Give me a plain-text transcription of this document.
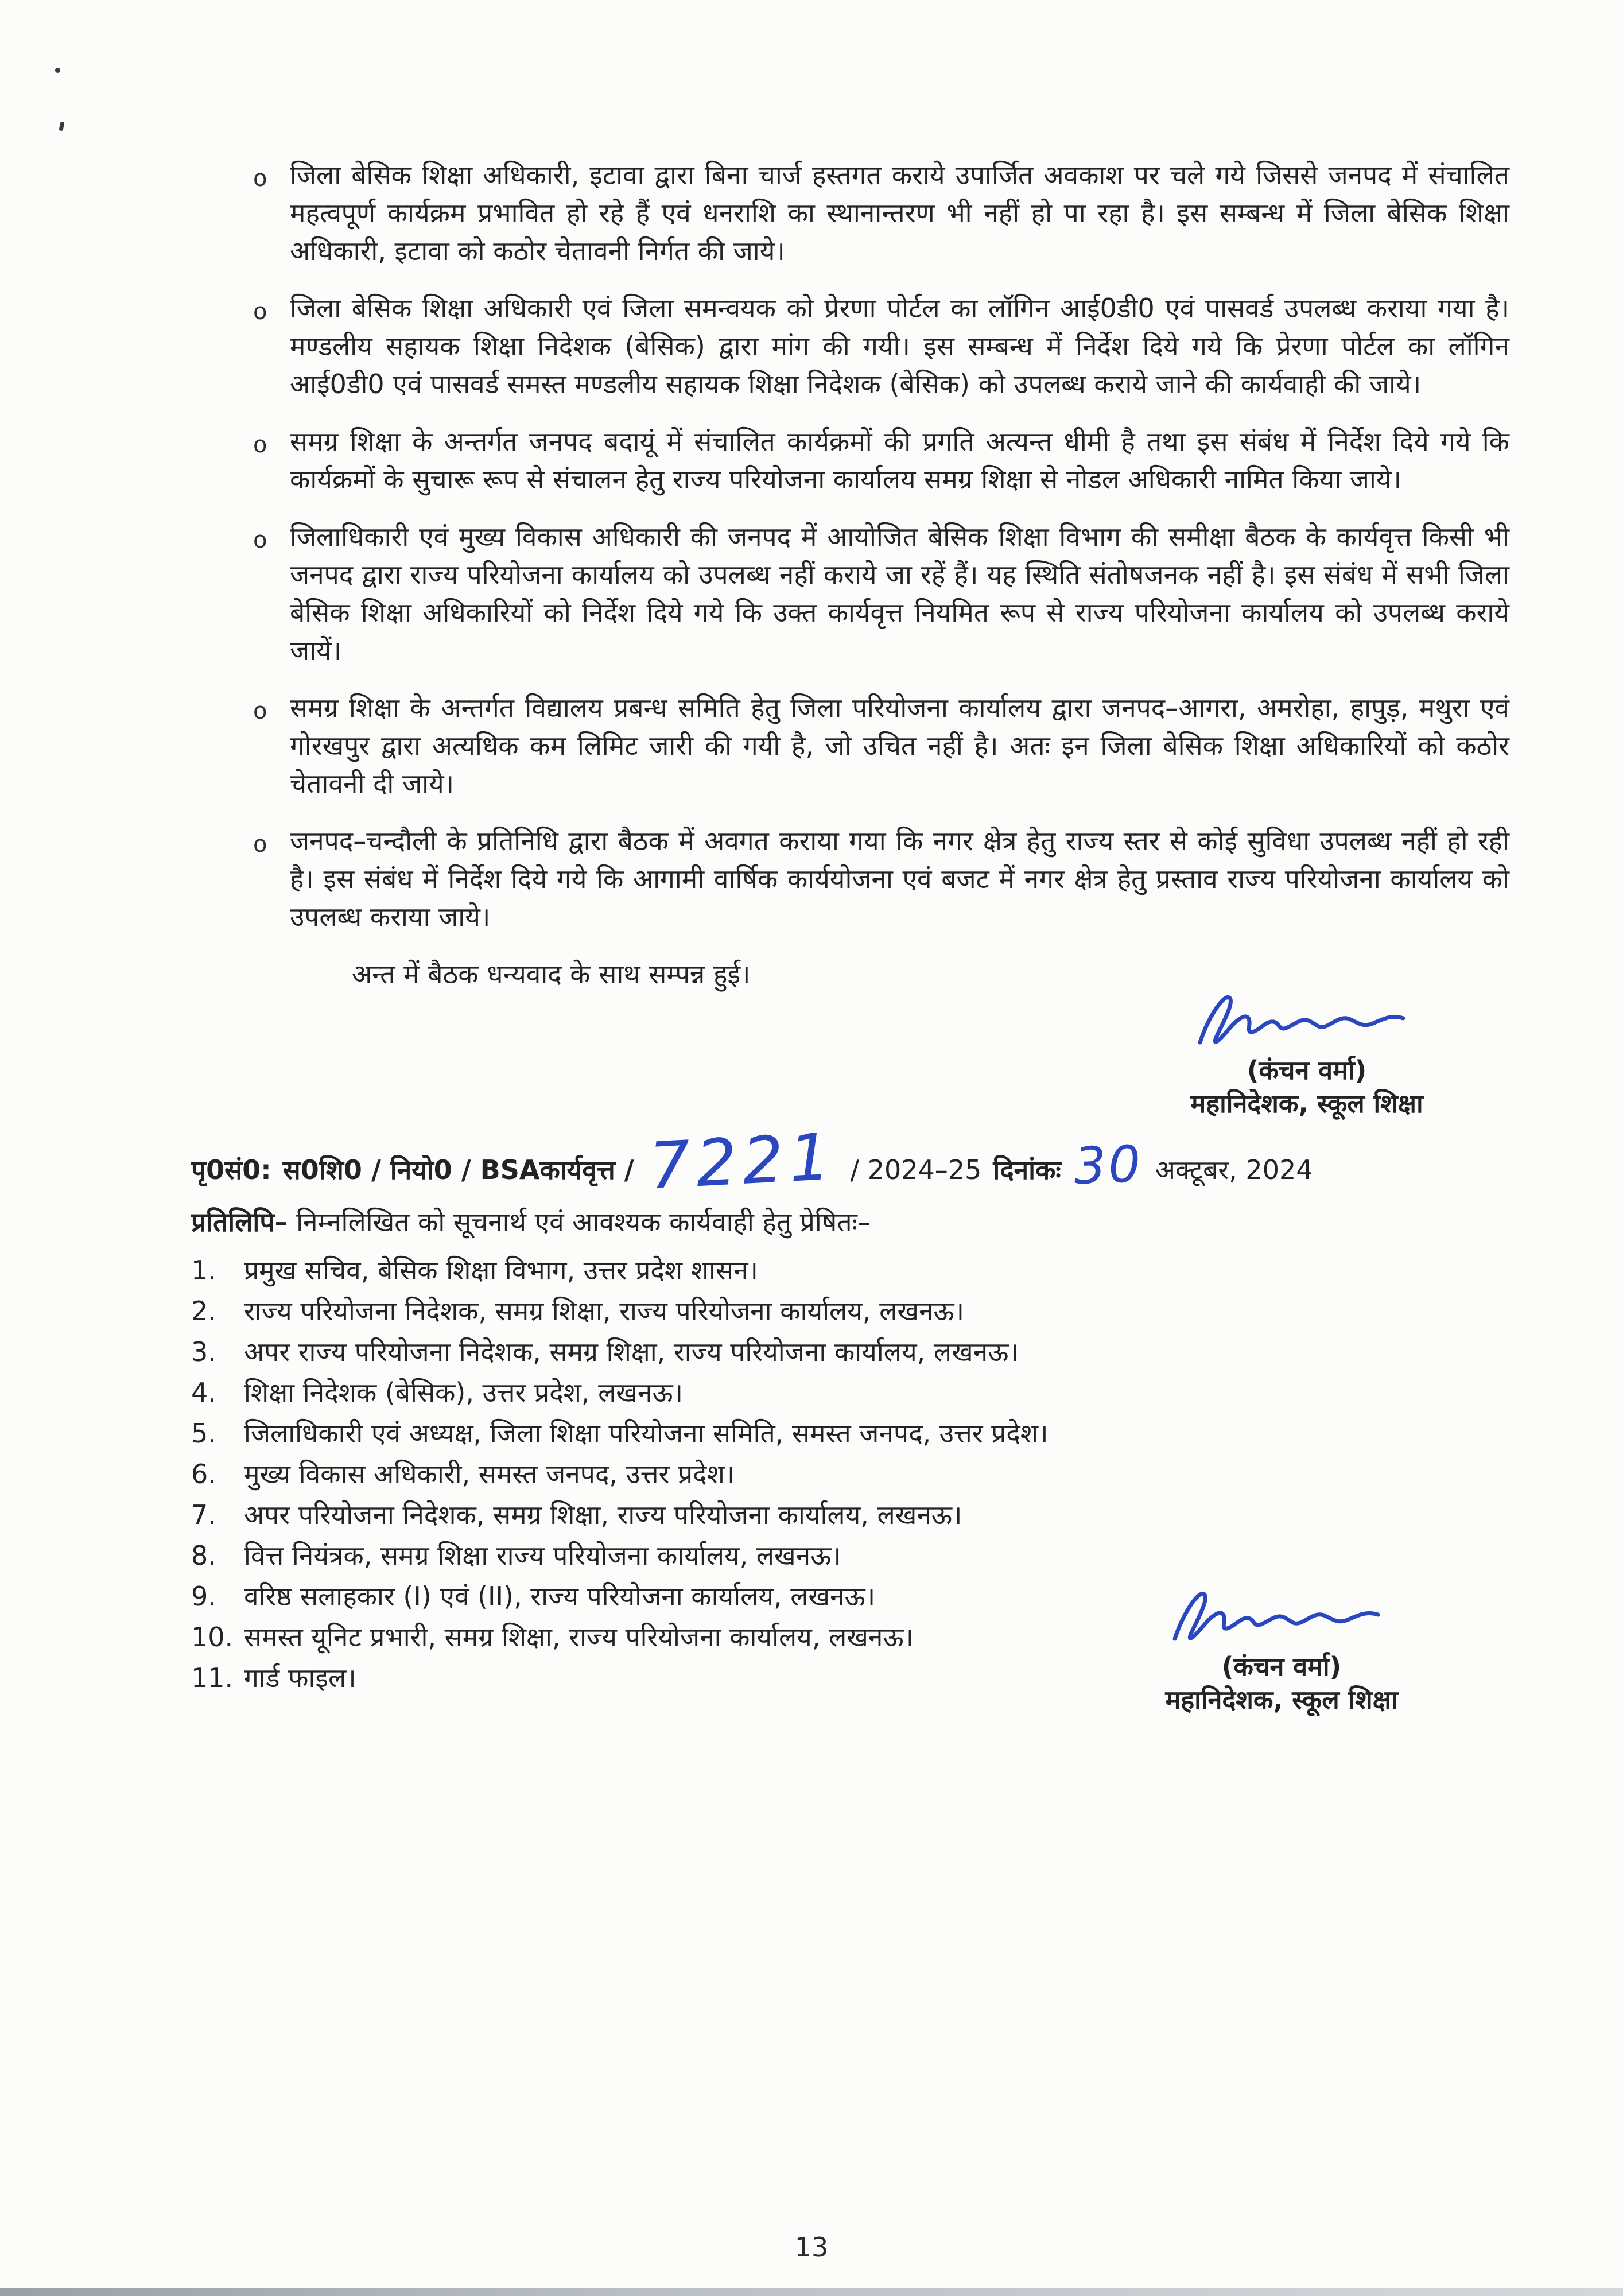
o जिला बेसिक शिक्षा अधिकारी, इटावा द्वारा बिना चार्ज हस्तगत कराये उपार्जित अवकाश पर चले गये जिससे जनपद में संचालित महत्वपूर्ण कार्यक्रम प्रभावित हो रहे हैं एवं धनराशि का स्थानान्तरण भी नहीं हो पा रहा है। इस सम्बन्ध में जिला बेसिक शिक्षा अधिकारी, इटावा को कठोर चेतावनी निर्गत की जाये।
o जिला बेसिक शिक्षा अधिकारी एवं जिला समन्वयक को प्रेरणा पोर्टल का लॉगिन आई0डी0 एवं पासवर्ड उपलब्ध कराया गया है। मण्डलीय सहायक शिक्षा निदेशक (बेसिक) द्वारा मांग की गयी। इस सम्बन्ध में निर्देश दिये गये कि प्रेरणा पोर्टल का लॉगिन आई0डी0 एवं पासवर्ड समस्त मण्डलीय सहायक शिक्षा निदेशक (बेसिक) को उपलब्ध कराये जाने की कार्यवाही की जाये।
o समग्र शिक्षा के अन्तर्गत जनपद बदायूं में संचालित कार्यक्रमों की प्रगति अत्यन्त धीमी है तथा इस संबंध में निर्देश दिये गये कि कार्यक्रमों के सुचारू रूप से संचालन हेतु राज्य परियोजना कार्यालय समग्र शिक्षा से नोडल अधिकारी नामित किया जाये।
o जिलाधिकारी एवं मुख्य विकास अधिकारी की जनपद में आयोजित बेसिक शिक्षा विभाग की समीक्षा बैठक के कार्यवृत्त किसी भी जनपद द्वारा राज्य परियोजना कार्यालय को उपलब्ध नहीं कराये जा रहें हैं। यह स्थिति संतोषजनक नहीं है। इस संबंध में सभी जिला बेसिक शिक्षा अधिकारियों को निर्देश दिये गये कि उक्त कार्यवृत्त नियमित रूप से राज्य परियोजना कार्यालय को उपलब्ध कराये जायें।
o समग्र शिक्षा के अन्तर्गत विद्यालय प्रबन्ध समिति हेतु जिला परियोजना कार्यालय द्वारा जनपद–आगरा, अमरोहा, हापुड़, मथुरा एवं गोरखपुर द्वारा अत्यधिक कम लिमिट जारी की गयी है, जो उचित नहीं है। अतः इन जिला बेसिक शिक्षा अधिकारियों को कठोर चेतावनी दी जाये।
o जनपद–चन्दौली के प्रतिनिधि द्वारा बैठक में अवगत कराया गया कि नगर क्षेत्र हेतु राज्य स्तर से कोई सुविधा उपलब्ध नहीं हो रही है। इस संबंध में निर्देश दिये गये कि आगामी वार्षिक कार्ययोजना एवं बजट में नगर क्षेत्र हेतु प्रस्ताव राज्य परियोजना कार्यालय को उपलब्ध कराया जाये।

अन्त में बैठक धन्यवाद के साथ सम्पन्न हुई।

(कंचन वर्मा)
महानिदेशक, स्कूल शिक्षा
पृ0सं0: स0शि0 / नियो0 / BSAकार्यवृत्त / 7221 / 2024–25 दिनांकः 30 अक्टूबर, 2024

प्रतिलिपि– निम्नलिखित को सूचनार्थ एवं आवश्यक कार्यवाही हेतु प्रेषितः–

1.	प्रमुख सचिव, बेसिक शिक्षा विभाग, उत्तर प्रदेश शासन।
2.	राज्य परियोजना निदेशक, समग्र शिक्षा, राज्य परियोजना कार्यालय, लखनऊ।
3.	अपर राज्य परियोजना निदेशक, समग्र शिक्षा, राज्य परियोजना कार्यालय, लखनऊ।
4.	शिक्षा निदेशक (बेसिक), उत्तर प्रदेश, लखनऊ।
5.	जिलाधिकारी एवं अध्यक्ष, जिला शिक्षा परियोजना समिति, समस्त जनपद, उत्तर प्रदेश।
6.	मुख्य विकास अधिकारी, समस्त जनपद, उत्तर प्रदेश।
7.	अपर परियोजना निदेशक, समग्र शिक्षा, राज्य परियोजना कार्यालय, लखनऊ।
8.	वित्त नियंत्रक, समग्र शिक्षा राज्य परियोजना कार्यालय, लखनऊ।
9.	वरिष्ठ सलाहकार (I) एवं (II), राज्य परियोजना कार्यालय, लखनऊ।
10. समस्त यूनिट प्रभारी, समग्र शिक्षा, राज्य परियोजना कार्यालय, लखनऊ।
11. गार्ड फाइल।	(कंचन वर्मा)
महानिदेशक, स्कूल शिक्षा
13
